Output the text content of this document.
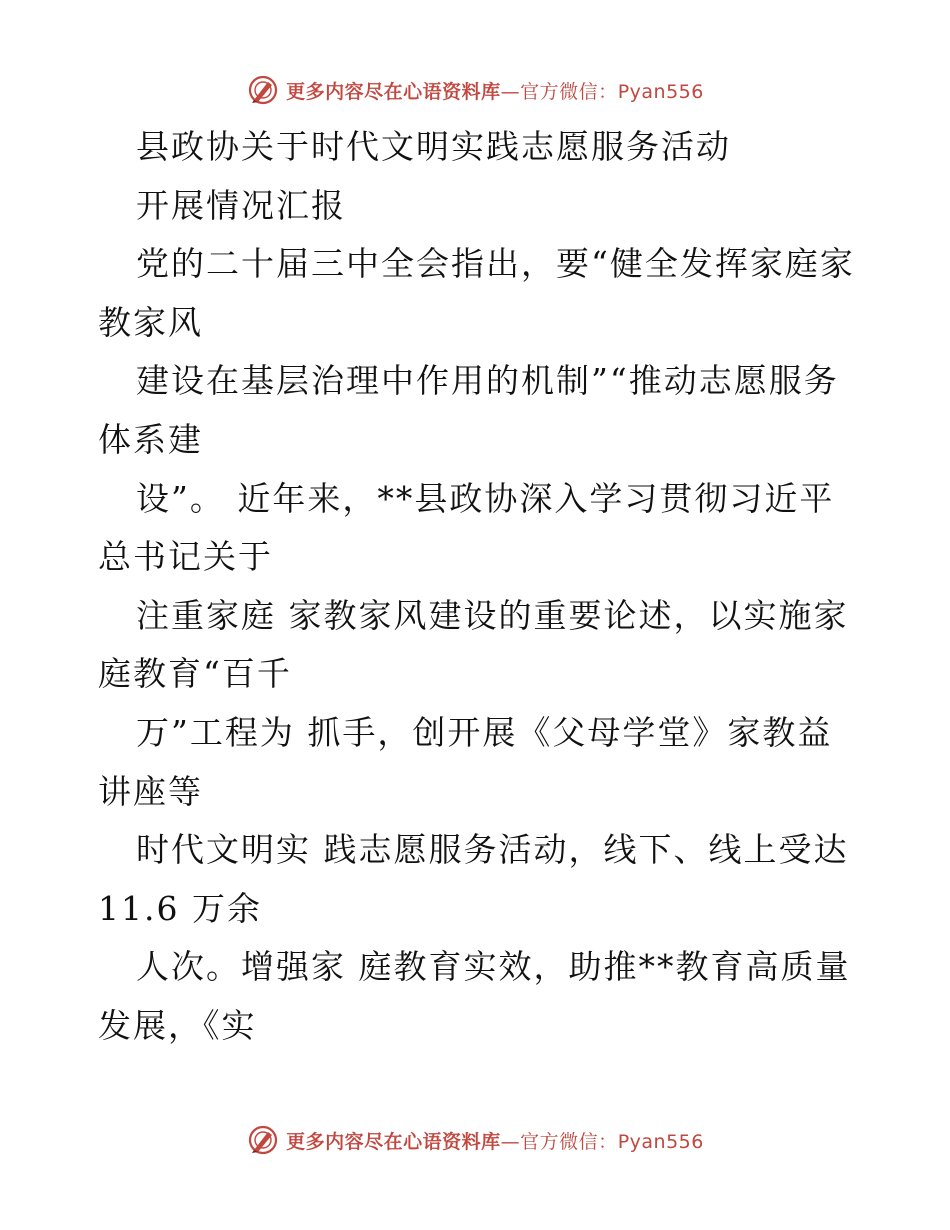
更多内容尽在心语资料库—官方微信：Pyan556
县政协关于时代文明实践志愿服务活动
开展情况汇报
党的二十届三中全会指出，要“健全发挥家庭家
教家风
建设在基层治理中作用的机制”“推动志愿服务
体系建
设”。 近年来，**县政协深入学习贯彻习近平
总书记关于
注重家庭 家教家风建设的重要论述，以实施家
庭教育“百千
万”工程为 抓手，创开展《父母学堂》家教益
讲座等
时代文明实 践志愿服务活动，线下、线上受达
11.6 万余
人次。增强家 庭教育实效，助推**教育高质量
发展，《实
更多内容尽在心语资料库—官方微信：Pyan556
